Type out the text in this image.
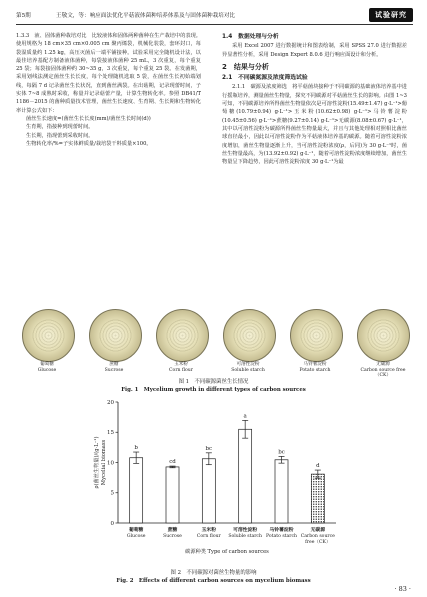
第5期	王敬文，等：响应面法优化平菇液体菌种培养体系及与固体菌种栽培对比	试验研究

1.3.3　液、固体菌种栽培对比　比较液体和固体两种菌种在生产栽培中的表现。使用规格为 18 cm×35 cm×0.005 cm 聚丙烯袋，机械化装袋，套环封口，每袋湿质量约 1.25 kg，高压灭菌后一端平铺接种。试验采用完全随机设计法，以最佳培养基配方制备液体菌种，每袋接液体菌种 25 mL，3 次重复，每个重复 25 袋；每袋接固体菌种约 30~35 g，3 次重复，每个重复 25 袋。在发菌期，采用划线法测定菌丝生长长度，每个处理随机选取 5 袋，在菌丝生长初始端划线，每隔 7 d 记录菌丝生长状况，直到菌丝满袋。在出菇期，记录现蕾时间，子实体 7~8 成熟时采收，称量并记录菇蕾产量，计算生物转化率。参照 DB41/T 1186－2015 的菌种质量技术管理，菌丝生长速度、生育期、生长期和生物转化率计算公式如下：

菌丝生长速度=(菌丝生长长度(mm)/菌丝生长时间(d))

生育期，指接种到现蕾时间。

生长期，指现蕾到采收时间。

生物转化率/%=子实体鲜质量/栽培袋干料质量×100。

1.4　数据处理与分析

采用 Excel 2007 进行数据统计和图表绘制，采用 SPSS 27.0 进行数据差异显著性分析，采用 Design Expert 8.0.6 进行响应面设计和分析。

2　结果与分析
2.1　不同碳氮源及浓度筛选试验

2.1.1　碳源及浓度筛选　将平菇菌块接种于不同碳源的基础液体培养基中进行摇瓶培养，测量菌丝生物量，探究不同碳源对平菇菌丝生长的影响。由图 1~3 可知，不同碳源培养所得菌丝生物量依次是可溶性淀粉(15.49±1.47) g·L⁻¹>葡萄糖(10.79±0.94) g·L⁻¹>玉米粉(10.62±0.98) g·L⁻¹>马铃薯淀粉(10.45±0.56) g·L⁻¹>蔗糖(9.27±0.14) g·L⁻¹>无碳源(8.08±0.67) g·L⁻¹，其中以可溶性淀粉为碳源所得菌丝生物量最大，并且与其他处理相对照相比菌丝球直径最小，因此以可溶性淀粉作为平菇液体培养基的碳源。随着可溶性淀粉浓度增加，菌丝生物量逐渐上升，当可溶性淀粉浓度(ρ，后同)为 30 g·L⁻¹时，菌丝生物量最高，为(13.92±0.92) g·L⁻¹，随着可溶性淀粉浓度继续增加，菌丝生物量呈下降趋势，因此可溶性淀粉浓度 30 g·L⁻¹为最

葡萄糖
Glucose
蔗糖
Sucrose
玉米粉
Corn flour
可溶性淀粉
Soluble starch
马铃薯淀粉
Potato starch
无碳源
Carbon source free
（CK）
图 1　不同碳源菌丝生长情况
Fig. 1　Mycelium growth in different types of carbon sources
0
5
10
15
20
ρ(菌丝生物量)/(g·L⁻¹) Mycelial biomass	b
葡萄糖
Glucose
cd
蔗糖
Sucrose
bc
玉米粉
Corn flour
a
可溶性淀粉
Soluble starch
bc
马铃薯淀粉
Potato starch
d
无碳源
Carbon source
free（CK）
碳源种类 Type of carbon sources
图 2　不同碳源对菌丝生物量的影响
Fig. 2　Effects of different carbon sources on mycelium biomass
· 83 ·
